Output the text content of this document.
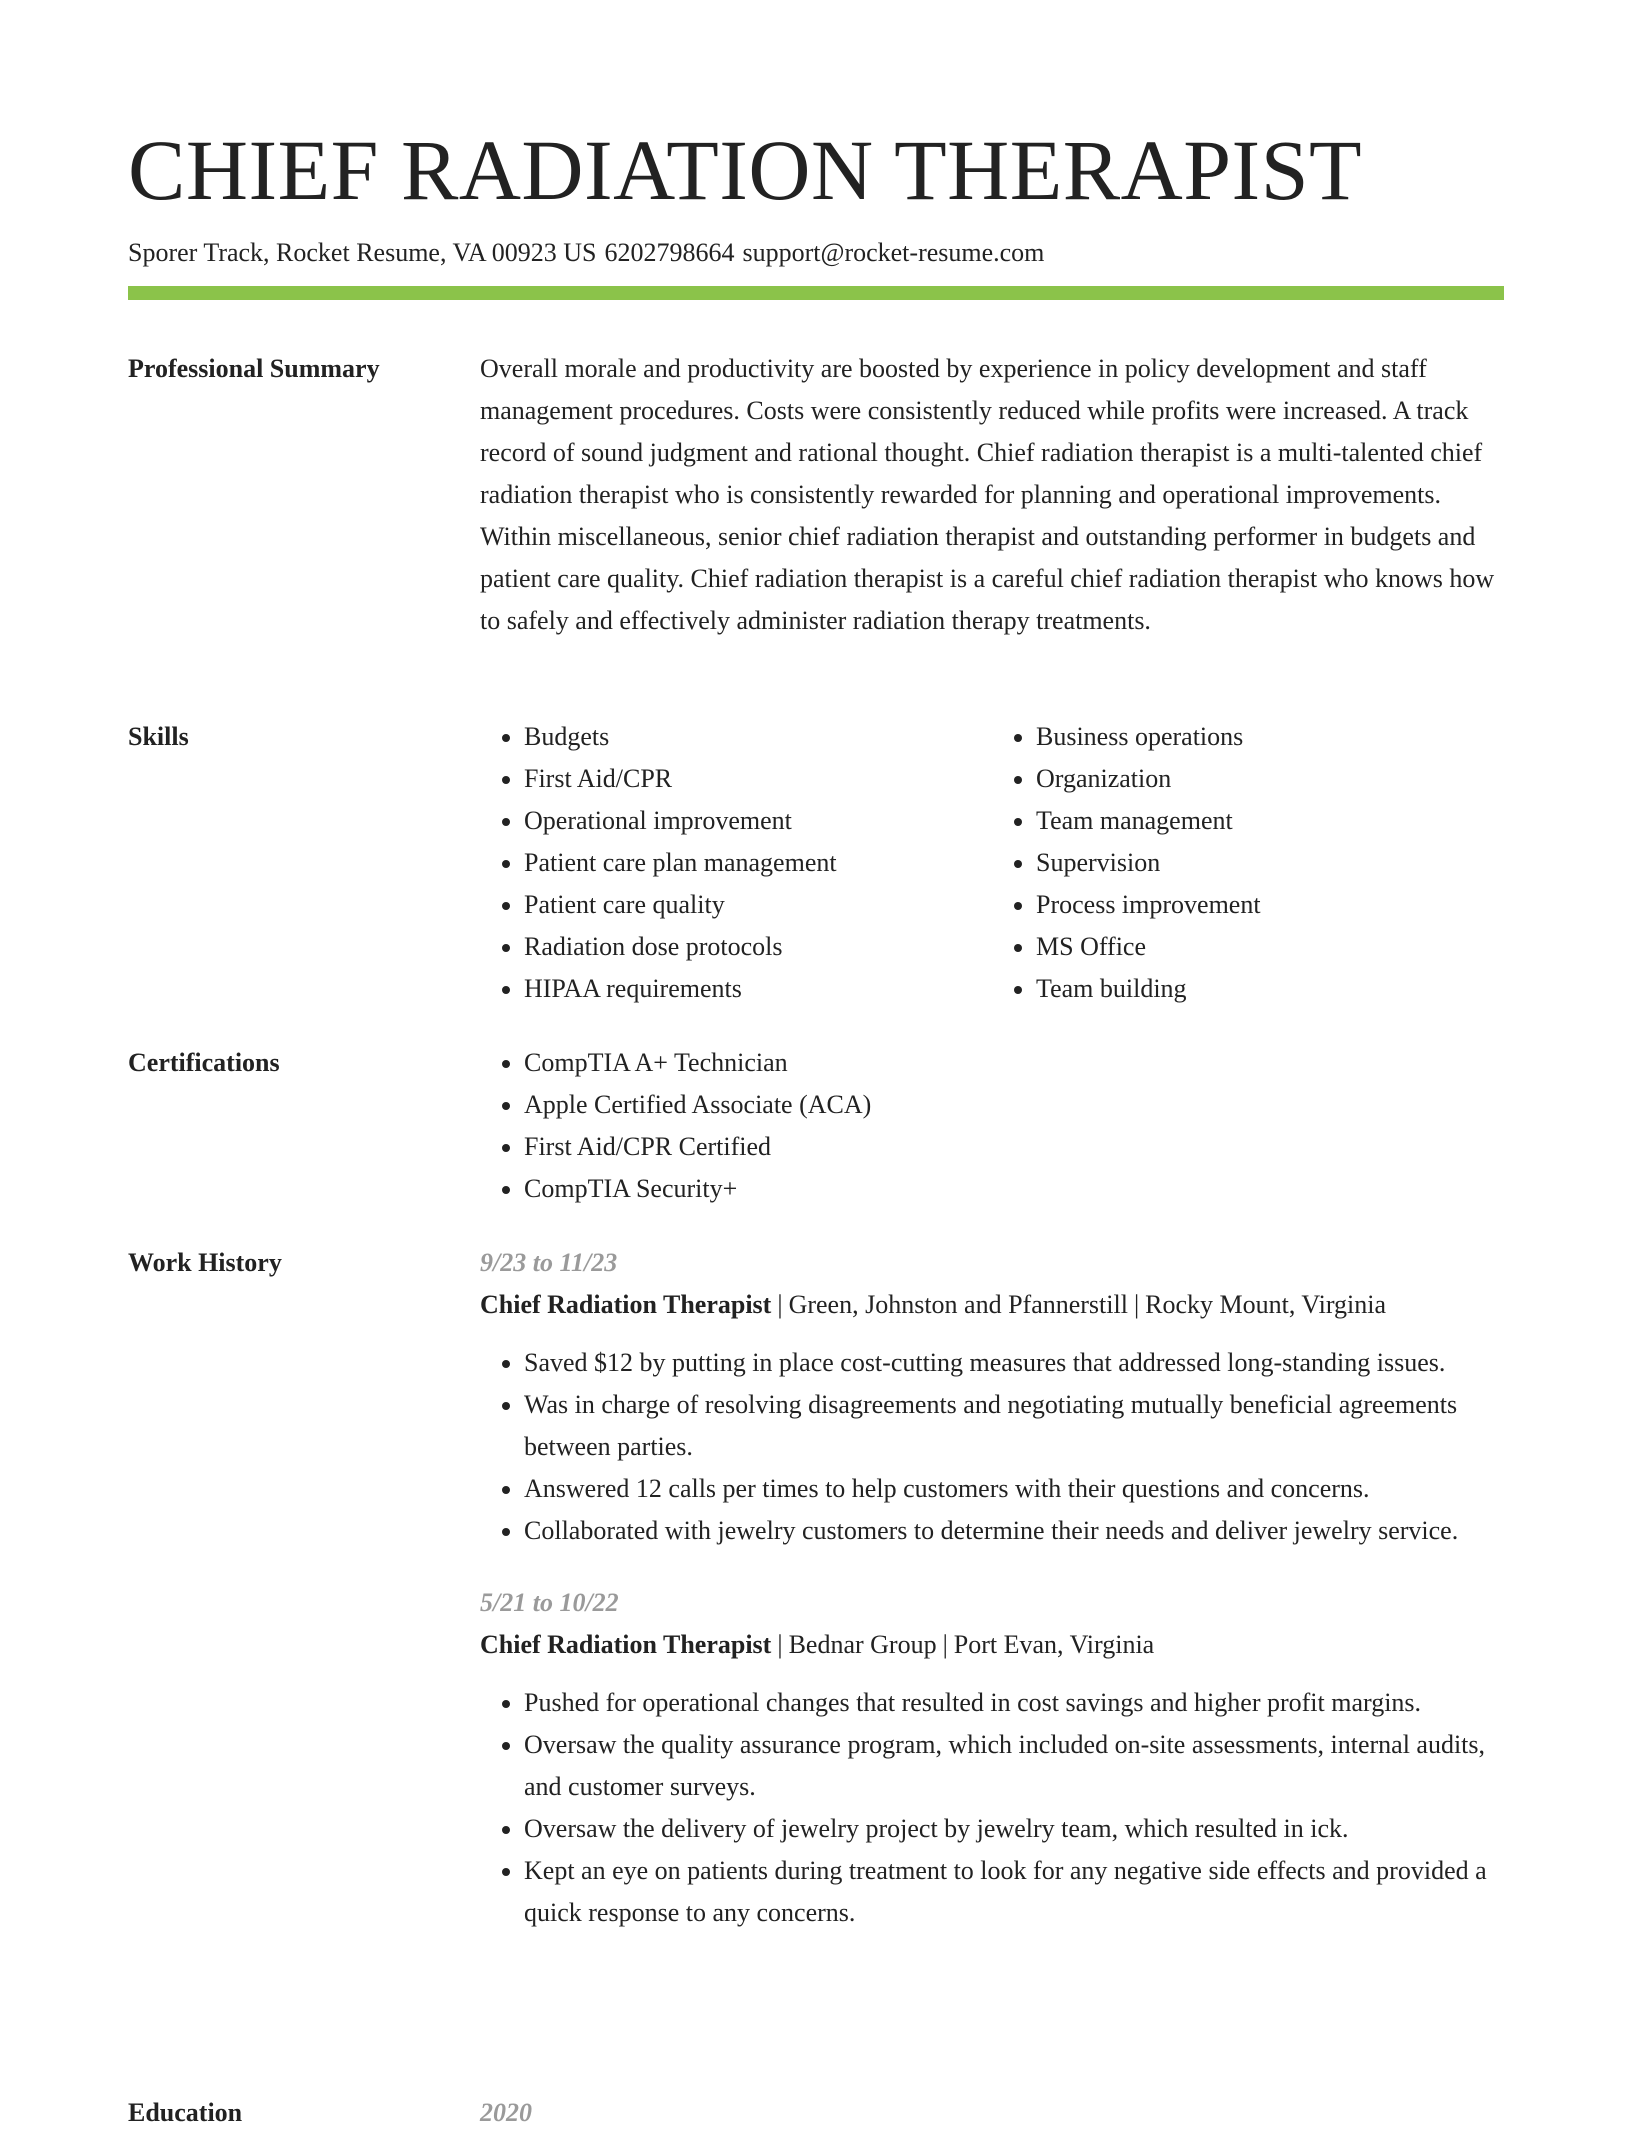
CHIEF RADIATION THERAPIST
Sporer Track, Rocket Resume, VA 00923 US 6202798664 support@rocket-resume.com
Professional Summary	Overall morale and productivity are boosted by experience in policy development and staff management procedures. Costs were consistently reduced while profits were increased. A track record of sound judgment and rational thought. Chief radiation therapist is a multi-talented chief radiation therapist who is consistently rewarded for planning and operational improvements. Within miscellaneous, senior chief radiation therapist and outstanding performer in budgets and patient care quality. Chief radiation therapist is a careful chief radiation therapist who knows how to safely and effectively administer radiation therapy treatments.

Skills	• Budgets
• First Aid/CPR
• Operational improvement
• Patient care plan management
• Patient care quality
• Radiation dose protocols
• HIPAA requirements
• Business operations
• Organization
• Team management
• Supervision
• Process improvement
• MS Office
• Team building
Certifications	• CompTIA A+ Technician
• Apple Certified Associate (ACA)
• First Aid/CPR Certified
• CompTIA Security+
Work History	9/23 to 11/23
Chief Radiation Therapist | Green, Johnston and Pfannerstill | Rocky Mount, Virginia
• Saved $12 by putting in place cost-cutting measures that addressed long-standing issues.
• Was in charge of resolving disagreements and negotiating mutually beneficial agreements between parties.
• Answered 12 calls per times to help customers with their questions and concerns.
• Collaborated with jewelry customers to determine their needs and deliver jewelry service.
5/21 to 10/22
Chief Radiation Therapist | Bednar Group | Port Evan, Virginia
• Pushed for operational changes that resulted in cost savings and higher profit margins.
• Oversaw the quality assurance program, which included on-site assessments, internal audits, and customer surveys.
• Oversaw the delivery of jewelry project by jewelry team, which resulted in ick.
• Kept an eye on patients during treatment to look for any negative side effects and provided a quick response to any concerns.
Education	2020
